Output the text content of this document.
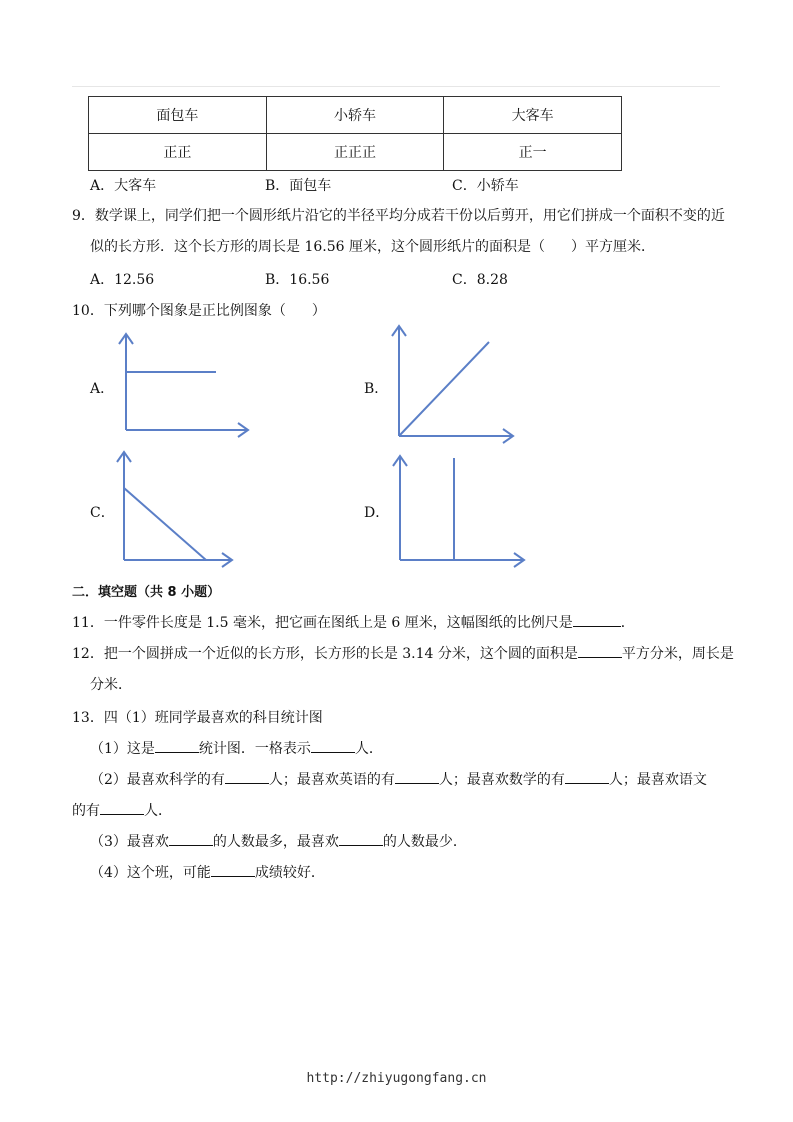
面包车	小轿车	大客车
正正	正正正	正一
A．大客车	B．面包车	C．小轿车
9．数学课上，同学们把一个圆形纸片沿它的半径平均分成若干份以后剪开，用它们拼成一个面积不变的近
似的长方形．这个长方形的周长是 16.56 厘米，这个圆形纸片的面积是（ ）平方厘米．
A．12.56	B．16.56	C．8.28
10．下列哪个图象是正比例图象（ ）
A．	B．
C．	D．
二．填空题（共 8 小题）
11．一件零件长度是 1.5 毫米，把它画在图纸上是 6 厘米，这幅图纸的比例尺是	．
12．把一个圆拼成一个近似的长方形，长方形的长是 3.14 分米，这个圆的面积是	平方分米，周长是
分米．
13．四（1）班同学最喜欢的科目统计图
（1）这是	统计图．一格表示	人．
（2）最喜欢科学的有	人；最喜欢英语的有	人；最喜欢数学的有	人；最喜欢语文
的有	人．
（3）最喜欢	的人数最多，最喜欢	的人数最少．
（4）这个班，可能	成绩较好．
http://zhiyugongfang.cn
